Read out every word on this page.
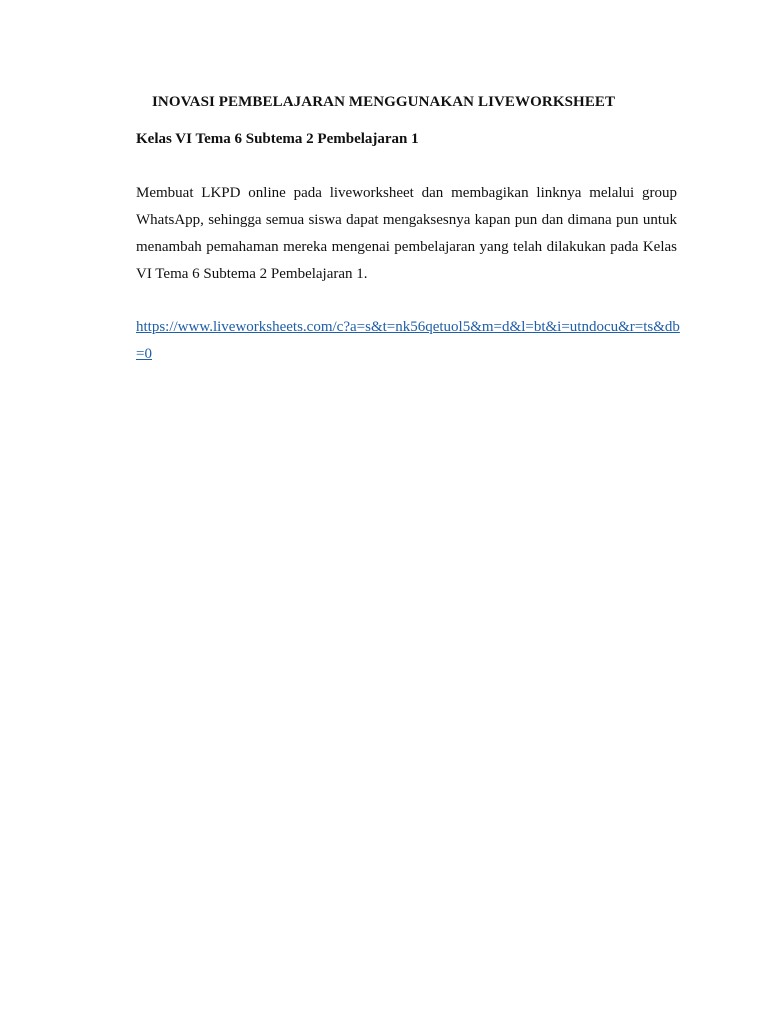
INOVASI PEMBELAJARAN MENGGUNAKAN LIVEWORKSHEET
Kelas VI Tema 6 Subtema 2 Pembelajaran 1

Membuat LKPD online pada liveworksheet dan membagikan linknya melalui group WhatsApp, sehingga semua siswa dapat mengaksesnya kapan pun dan dimana pun untuk menambah pemahaman mereka mengenai pembelajaran yang telah dilakukan pada Kelas VI Tema 6 Subtema 2 Pembelajaran 1.

https://www.liveworksheets.com/c?a=s&t=nk56qetuol5&m=d&l=bt&i=utndocu&r=ts&db=0
